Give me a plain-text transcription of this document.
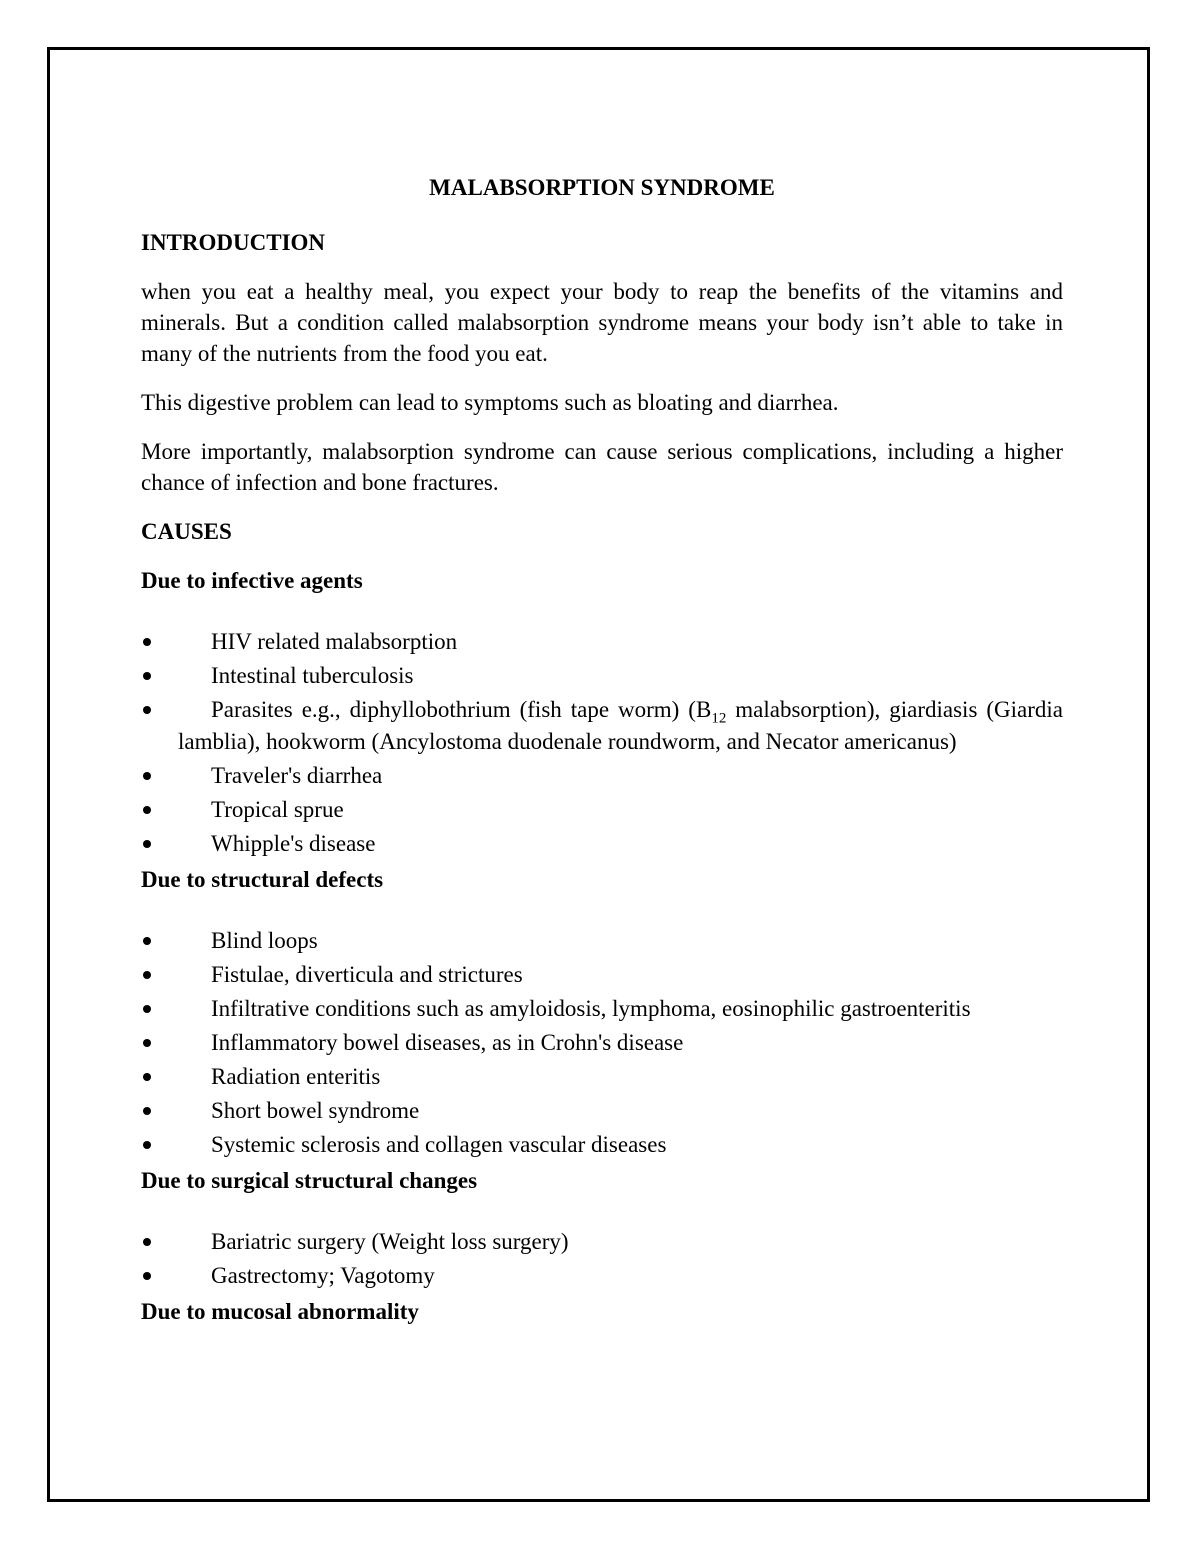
MALABSORPTION SYNDROME
INTRODUCTION

when you eat a healthy meal, you expect your body to reap the benefits of the vitamins and minerals. But a condition called malabsorption syndrome means your body isn’t able to take in many of the nutrients from the food you eat.

This digestive problem can lead to symptoms such as bloating and diarrhea.

More importantly, malabsorption syndrome can cause serious complications, including a higher chance of infection and bone fractures.

CAUSES
Due to infective agents
HIV related malabsorption
Intestinal tuberculosis
Parasites e.g., diphyllobothrium (fish tape worm) ($B_{12}$ malabsorption), giardiasis (Giardia lamblia), hookworm (Ancylostoma duodenale roundworm, and Necator americanus)
Traveler's diarrhea
Tropical sprue
Whipple's disease
Due to structural defects
Blind loops
Fistulae, diverticula and strictures
Infiltrative conditions such as amyloidosis, lymphoma, eosinophilic gastroenteritis
Inflammatory bowel diseases, as in Crohn's disease
Radiation enteritis
Short bowel syndrome
Systemic sclerosis and collagen vascular diseases
Due to surgical structural changes
Bariatric surgery (Weight loss surgery)
Gastrectomy; Vagotomy
Due to mucosal abnormality
